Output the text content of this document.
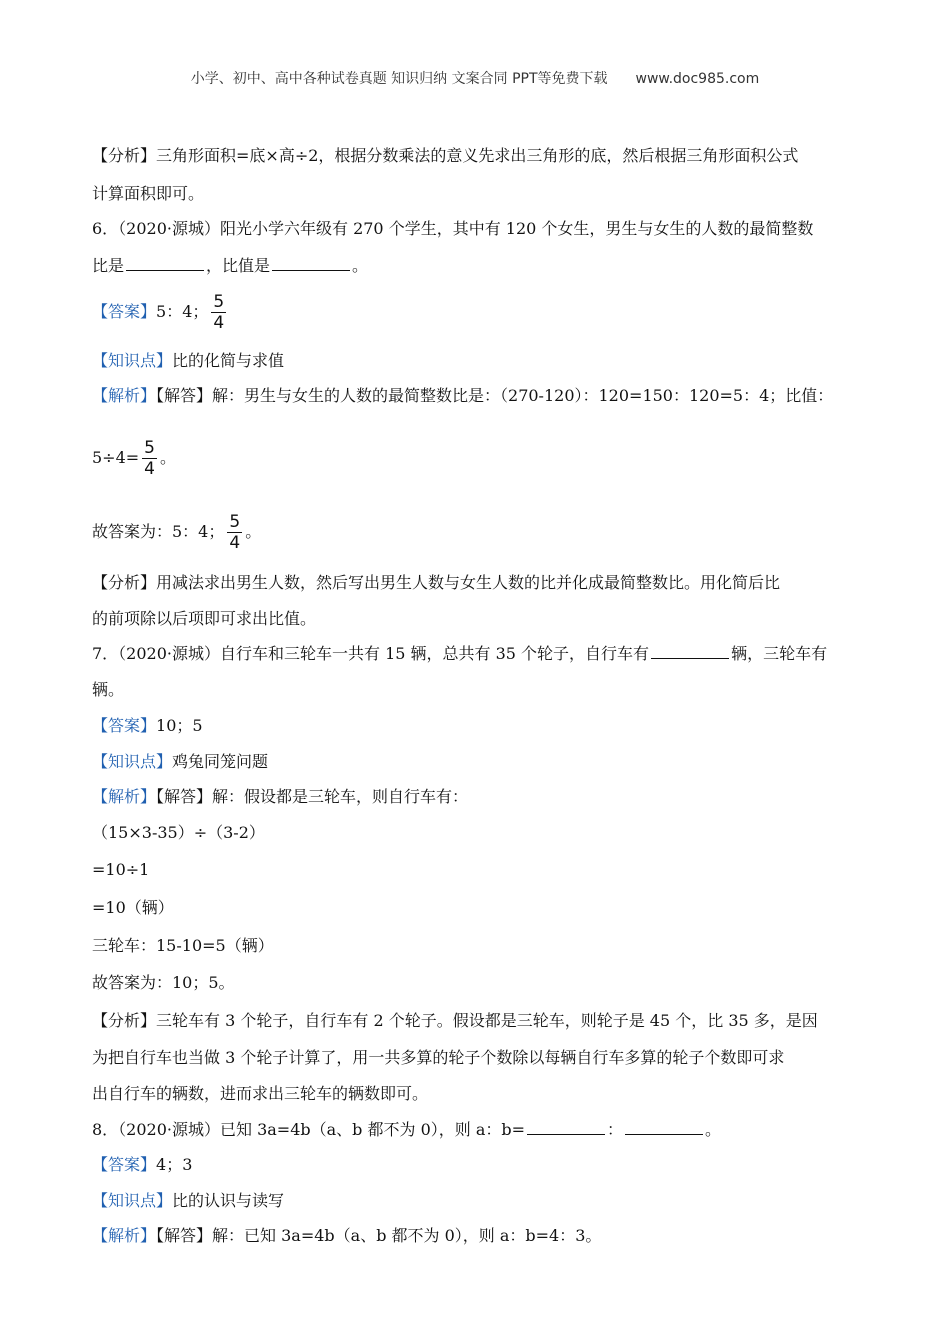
小学、初中、高中各种试卷真题 知识归纳 文案合同 PPT等免费下载 www.doc985.com
【分析】三角形面积=底×高÷2，根据分数乘法的意义先求出三角形的底，然后根据三角形面积公式
计算面积即可。
6．（2020·源城）阳光小学六年级有 270 个学生，其中有 120 个女生，男生与女生的人数的最简整数
比是	，比值是	。
【答案】5：4； $\frac{5}{4}$
【知识点】比的化简与求值
【解析】【解答】解：男生与女生的人数的最简整数比是：（270-120）：120=150：120=5：4；比值：
$5\div 4= \frac{5}{4}$ 。
故答案为：5：4； $\frac{5}{4}$ 。
【分析】用减法求出男生人数，然后写出男生人数与女生人数的比并化成最简整数比。用化简后比
的前项除以后项即可求出比值。
7．（2020·源城）自行车和三轮车一共有 15 辆，总共有 35 个轮子，自行车有	辆，三轮车有
辆。
【答案】10；5
【知识点】鸡兔同笼问题
【解析】【解答】解：假设都是三轮车，则自行车有：
（15×3-35）÷（3-2）
=10÷1
=10（辆）
三轮车：15-10=5（辆）
故答案为：10；5。
【分析】三轮车有 3 个轮子，自行车有 2 个轮子。假设都是三轮车，则轮子是 45 个，比 35 多，是因
为把自行车也当做 3 个轮子计算了，用一共多算的轮子个数除以每辆自行车多算的轮子个数即可求
出自行车的辆数，进而求出三轮车的辆数即可。
8．（2020·源城）已知 3a=4b（a、b 都不为 0），则 a：b=	：	。
【答案】4；3
【知识点】比的认识与读写
【解析】【解答】解：已知 3a=4b（a、b 都不为 0），则 a：b=4：3。
